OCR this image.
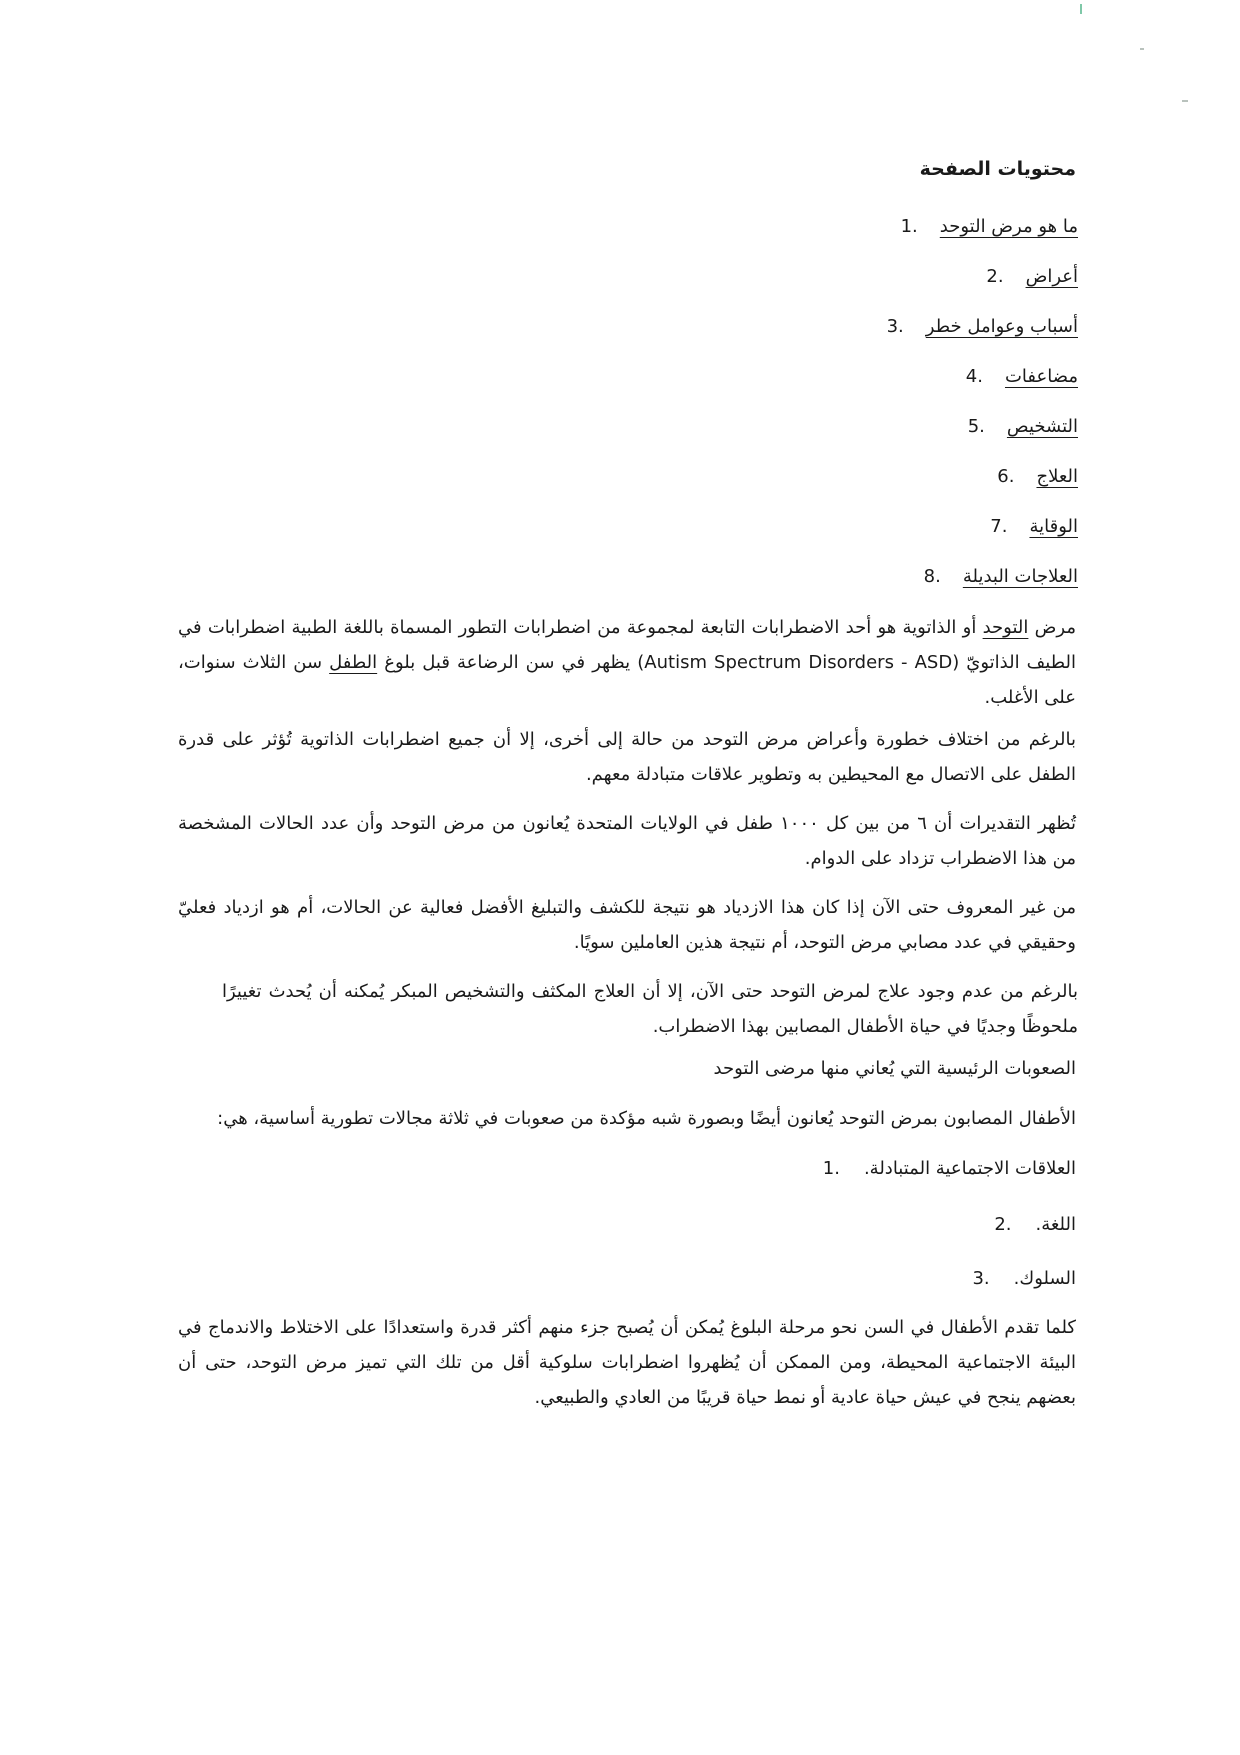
محتويات الصفحة
1. ما هو مرض التوحد
2. أعراض
3. أسباب وعوامل خطر
4. مضاعفات
5. التشخيص
6. العلاج
7. الوقاية
8. العلاجات البديلة

مرض التوحد أو الذاتوية هو أحد الاضطرابات التابعة لمجموعة من اضطرابات التطور المسماة باللغة الطبية اضطرابات في الطيف الذاتويّ (Autism Spectrum Disorders - ASD) يظهر في سن الرضاعة قبل بلوغ الطفل سن الثلاث سنوات، على الأغلب.

بالرغم من اختلاف خطورة وأعراض مرض التوحد من حالة إلى أخرى، إلا أن جميع اضطرابات الذاتوية تُؤثر على قدرة الطفل على الاتصال مع المحيطين به وتطوير علاقات متبادلة معهم.

تُظهر التقديرات أن ٦ من بين كل ١٠٠٠ طفل في الولايات المتحدة يُعانون من مرض التوحد وأن عدد الحالات المشخصة من هذا الاضطراب تزداد على الدوام.

من غير المعروف حتى الآن إذا كان هذا الازدياد هو نتيجة للكشف والتبليغ الأفضل فعالية عن الحالات، أم هو ازدياد فعليّ وحقيقي في عدد مصابي مرض التوحد، أم نتيجة هذين العاملين سويًا.

بالرغم من عدم وجود علاج لمرض التوحد حتى الآن، إلا أن العلاج المكثف والتشخيص المبكر يُمكنه أن يُحدث تغييرًا ملحوظًا وجديًا في حياة الأطفال المصابين بهذا الاضطراب.

الصعوبات الرئيسية التي يُعاني منها مرضى التوحد

الأطفال المصابون بمرض التوحد يُعانون أيضًا وبصورة شبه مؤكدة من صعوبات في ثلاثة مجالات تطورية أساسية، هي:

1. العلاقات الاجتماعية المتبادلة.
2. اللغة.
3. السلوك.

كلما تقدم الأطفال في السن نحو مرحلة البلوغ يُمكن أن يُصبح جزء منهم أكثر قدرة واستعدادًا على الاختلاط والاندماج في البيئة الاجتماعية المحيطة، ومن الممكن أن يُظهروا اضطرابات سلوكية أقل من تلك التي تميز مرض التوحد، حتى أن بعضهم ينجح في عيش حياة عادية أو نمط حياة قريبًا من العادي والطبيعي.
